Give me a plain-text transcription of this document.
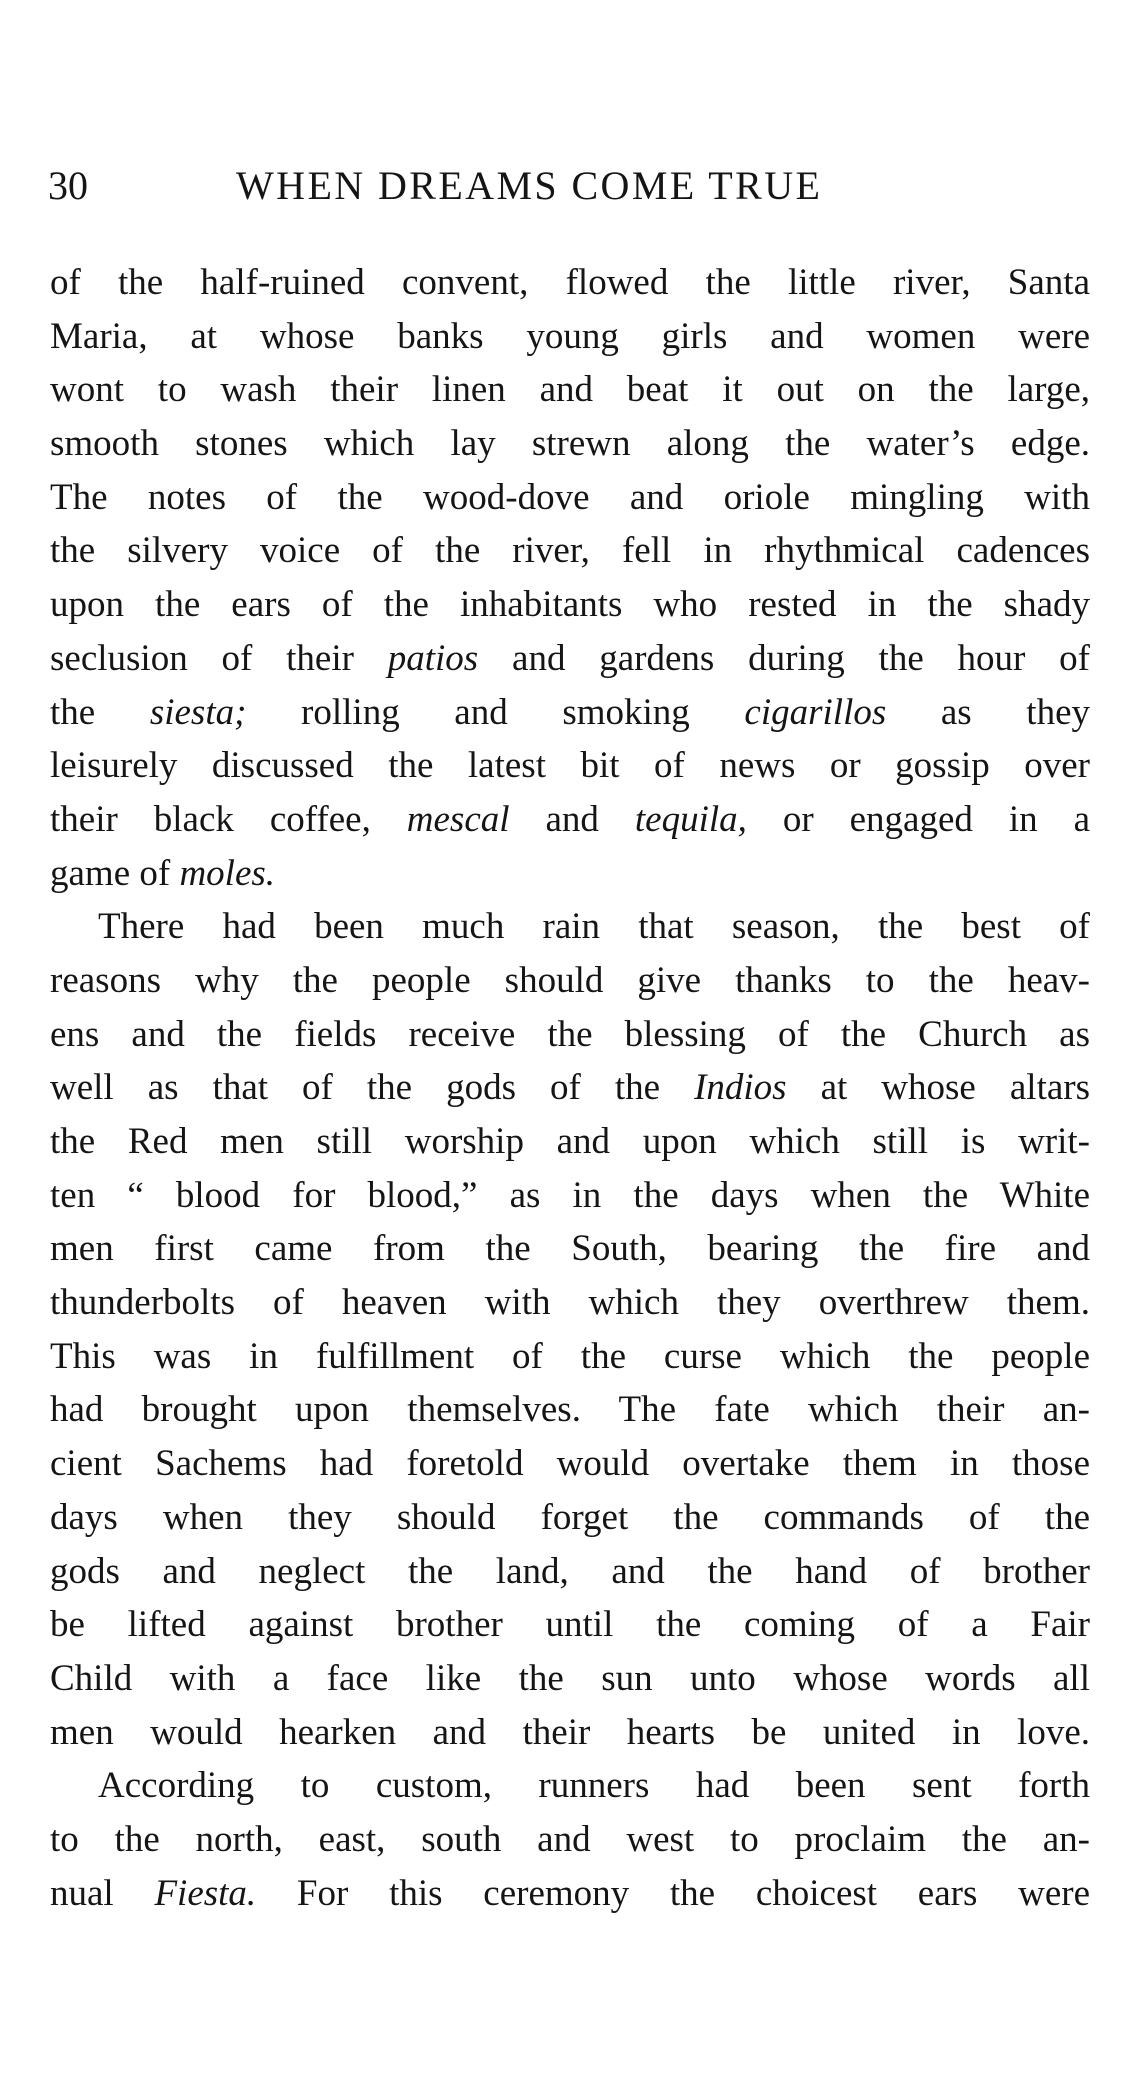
30	WHEN DREAMS COME TRUE
of the half-ruined convent, flowed the little river, Santa
Maria, at whose banks young girls and women were
wont to wash their linen and beat it out on the large,
smooth stones which lay strewn along the water’s edge.
The notes of the wood-dove and oriole mingling with
the silvery voice of the river, fell in rhythmical cadences
upon the ears of the inhabitants who rested in the shady
seclusion of their patios and gardens during the hour of
the siesta; rolling and smoking cigarillos as they
leisurely discussed the latest bit of news or gossip over
their black coffee, mescal and tequila, or engaged in a
game of moles.
There had been much rain that season, the best of
reasons why the people should give thanks to the heav-
ens and the fields receive the blessing of the Church as
well as that of the gods of the Indios at whose altars
the Red men still worship and upon which still is writ-
ten “ blood for blood,” as in the days when the White
men first came from the South, bearing the fire and
thunderbolts of heaven with which they overthrew them.
This was in fulfillment of the curse which the people
had brought upon themselves. The fate which their an-
cient Sachems had foretold would overtake them in those
days when they should forget the commands of the
gods and neglect the land, and the hand of brother
be lifted against brother until the coming of a Fair
Child with a face like the sun unto whose words all
men would hearken and their hearts be united in love.
According to custom, runners had been sent forth
to the north, east, south and west to proclaim the an-
nual Fiesta. For this ceremony the choicest ears were
